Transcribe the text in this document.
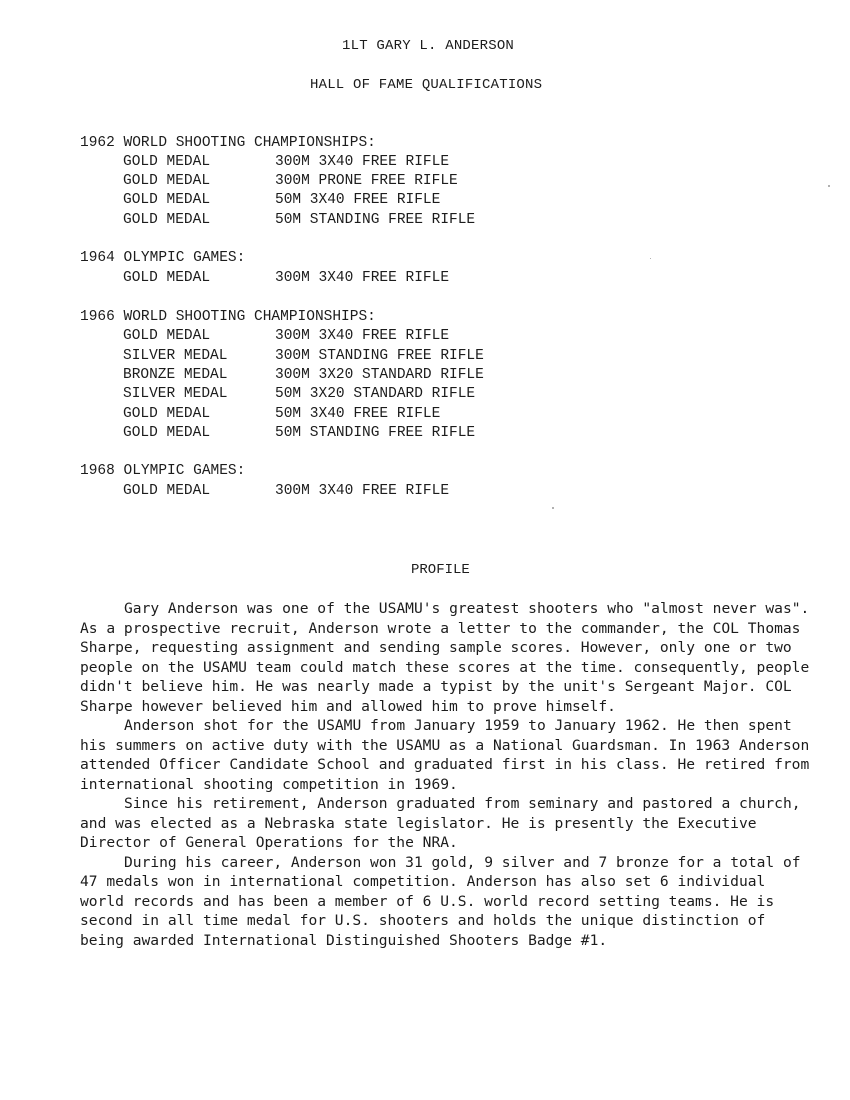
1LT GARY L. ANDERSON
HALL OF FAME QUALIFICATIONS
1962 WORLD SHOOTING CHAMPIONSHIPS:
GOLD MEDAL	300M 3X40 FREE RIFLE
GOLD MEDAL	300M PRONE FREE RIFLE
GOLD MEDAL	50M 3X40 FREE RIFLE
GOLD MEDAL	50M STANDING FREE RIFLE
1964 OLYMPIC GAMES:
GOLD MEDAL	300M 3X40 FREE RIFLE
1966 WORLD SHOOTING CHAMPIONSHIPS:
GOLD MEDAL	300M 3X40 FREE RIFLE
SILVER MEDAL	300M STANDING FREE RIFLE
BRONZE MEDAL	300M 3X20 STANDARD RIFLE
SILVER MEDAL	50M 3X20 STANDARD RIFLE
GOLD MEDAL	50M 3X40 FREE RIFLE
GOLD MEDAL	50M STANDING FREE RIFLE
1968 OLYMPIC GAMES:
GOLD MEDAL	300M 3X40 FREE RIFLE
PROFILE

Gary Anderson was one of the USAMU's greatest shooters who "almost never was". As a prospective recruit, Anderson wrote a letter to the commander, the COL Thomas Sharpe, requesting assignment and sending sample scores. However, only one or two people on the USAMU team could match these scores at the time. consequently, people didn't believe him. He was nearly made a typist by the unit's Sergeant Major. COL Sharpe however believed him and allowed him to prove himself.

Anderson shot for the USAMU from January 1959 to January 1962. He then spent his summers on active duty with the USAMU as a National Guardsman. In 1963 Anderson attended Officer Candidate School and graduated first in his class. He retired from international shooting competition in 1969.

Since his retirement, Anderson graduated from seminary and pastored a church, and was elected as a Nebraska state legislator. He is presently the Executive Director of General Operations for the NRA.

During his career, Anderson won 31 gold, 9 silver and 7 bronze for a total of 47 medals won in international competition. Anderson has also set 6 individual world records and has been a member of 6 U.S. world record setting teams. He is second in all time medal for U.S. shooters and holds the unique distinction of being awarded International Distinguished Shooters Badge #1.
